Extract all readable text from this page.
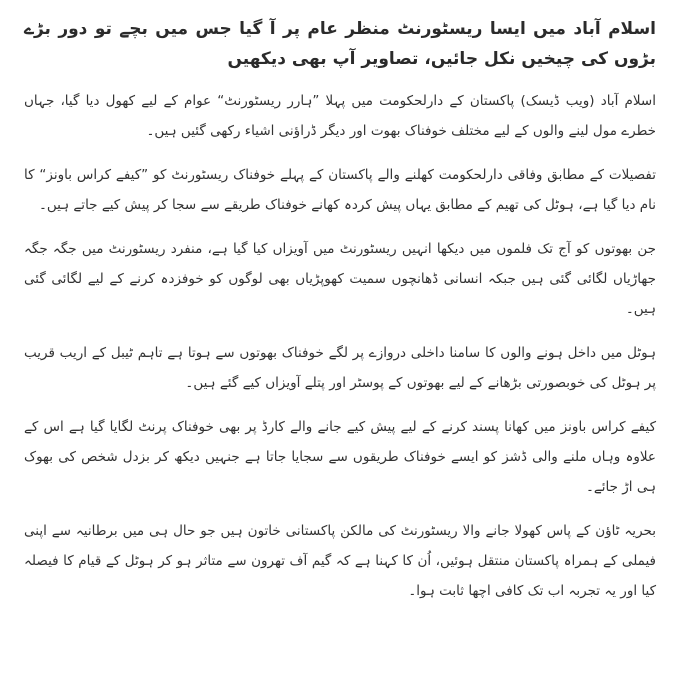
اسلام آباد میں ایسا ریسٹورنٹ منظر عام پر آ گیا جس میں بچے تو دور بڑے بڑوں کی چیخیں نکل جائیں، تصاویر آپ بھی دیکھیں

اسلام آباد (ویب ڈیسک) پاکستان کے دارلحکومت میں پہلا ”ہارر ریسٹورنٹ“ عوام کے لیے کھول دیا گیا، جہاں خطرے مول لینے والوں کے لیے مختلف خوفناک بھوت اور دیگر ڈراؤنی اشیاء رکھی گئیں ہیں۔

تفصیلات کے مطابق وفاقی دارلحکومت کھلنے والے پاکستان کے پہلے خوفناک ریسٹورنٹ کو ”کیفے کراس باونز“ کا نام دیا گیا ہے، ہوٹل کی تھیم کے مطابق یہاں پیش کردہ کھانے خوفناک طریقے سے سجا کر پیش کیے جاتے ہیں۔

جن بھوتوں کو آج تک فلموں میں دیکھا انہیں ریسٹورنٹ میں آویزاں کیا گیا ہے، منفرد ریسٹورنٹ میں جگہ جگہ جھاڑیاں لگائی گئی ہیں جبکہ انسانی ڈھانچوں سمیت کھوپڑیاں بھی لوگوں کو خوفزدہ کرنے کے لیے لگائی گئی ہیں۔

ہوٹل میں داخل ہونے والوں کا سامنا داخلی دروازے پر لگے خوفناک بھوتوں سے ہوتا ہے تاہم ٹیبل کے اریب قریب پر ہوٹل کی خوبصورتی بڑھانے کے لیے بھوتوں کے پوسٹر اور پتلے آویزاں کیے گئے ہیں۔

کیفے کراس باونز میں کھانا پسند کرنے کے لیے پیش کیے جانے والے کارڈ پر بھی خوفناک پرنٹ لگایا گیا ہے اس کے علاوہ وہاں ملنے والی ڈشز کو ایسے خوفناک طریقوں سے سجایا جاتا ہے جنہیں دیکھ کر بزدل شخص کی بھوک ہی اڑ جائے۔

بحریہ ٹاؤن کے پاس کھولا جانے والا ریسٹورنٹ کی مالکن پاکستانی خاتون ہیں جو حال ہی میں برطانیہ سے اپنی فیملی کے ہمراہ پاکستان منتقل ہوئیں، اُن کا کہنا ہے کہ گیم آف تھرون سے متاثر ہو کر ہوٹل کے قیام کا فیصلہ کیا اور یہ تجربہ اب تک کافی اچھا ثابت ہوا۔
